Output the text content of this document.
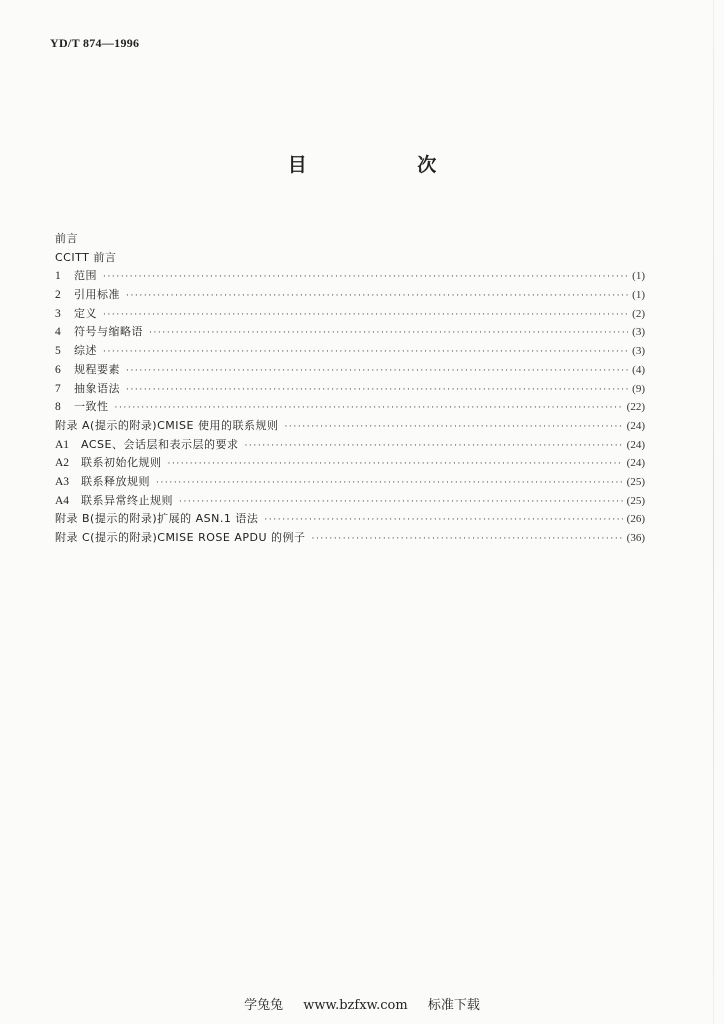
YD/T 874—1996
目 次
前言
CCITT 前言
1	范围 ·····	(1)
2	引用标准 ·····	(1)
3	定义 ·····	(2)
4	符号与缩略语 ·····	(3)
5	综述 ·····	(3)
6	规程要素 ·····	(4)
7	抽象语法 ·····	(9)
8	一致性 ·····	(22)
附录 A(提示的附录)CMISE 使用的联系规则 ·····	(24)
A1	ACSE、会话层和表示层的要求 ·····	(24)
A2	联系初始化规则 ·····	(24)
A3	联系释放规则 ·····	(25)
A4	联系异常终止规则 ·····	(25)
附录 B(提示的附录)扩展的 ASN.1 语法 ·····	(26)
附录 C(提示的附录)CMISE ROSE APDU 的例子 ·····	(36)
学兔兔 www.bzfxw.com 标准下载
